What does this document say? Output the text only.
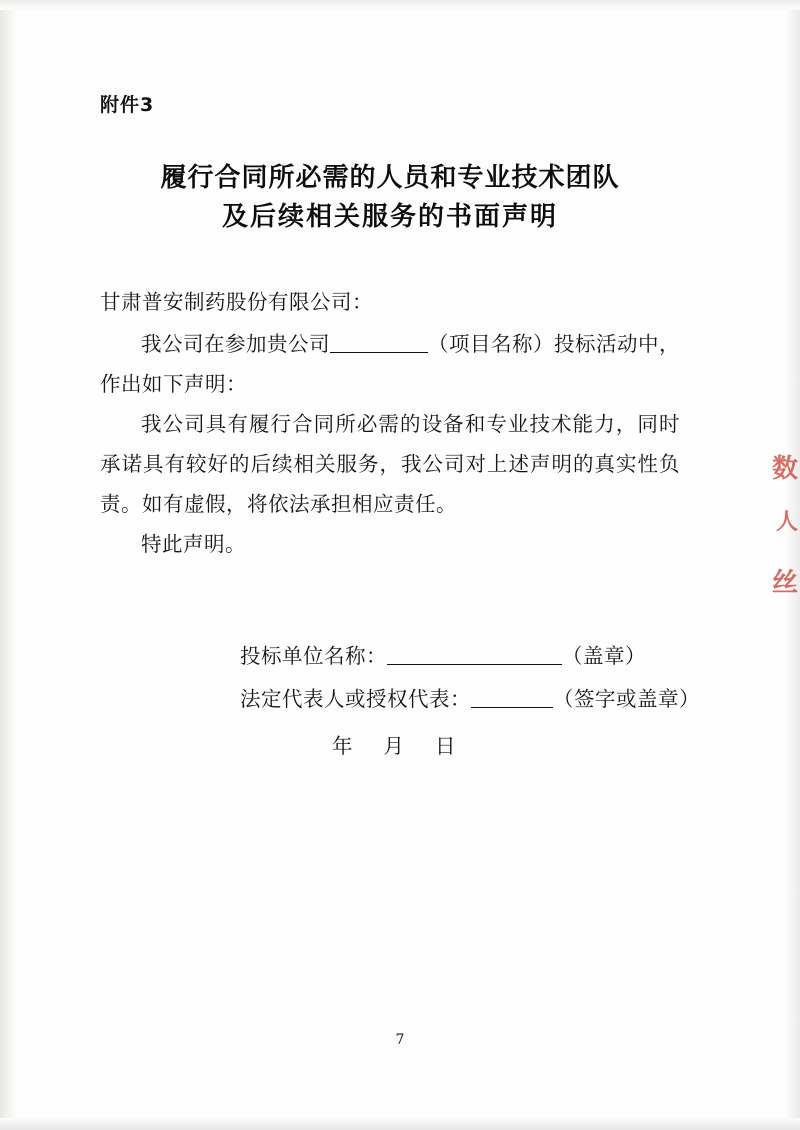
附件3
履行合同所必需的人员和专业技术团队
及后续相关服务的书面声明

甘肃普安制药股份有限公司：

我公司在参加贵公司	（项目名称）投标活动中，作出如下声明：

我公司具有履行合同所必需的设备和专业技术能力，同时承诺具有较好的后续相关服务，我公司对上述声明的真实性负责。如有虚假，将依法承担相应责任。

特此声明。

投标单位名称：	（盖章）
法定代表人或授权代表：	（签字或盖章）
年 月 日
数
人
丝
7
